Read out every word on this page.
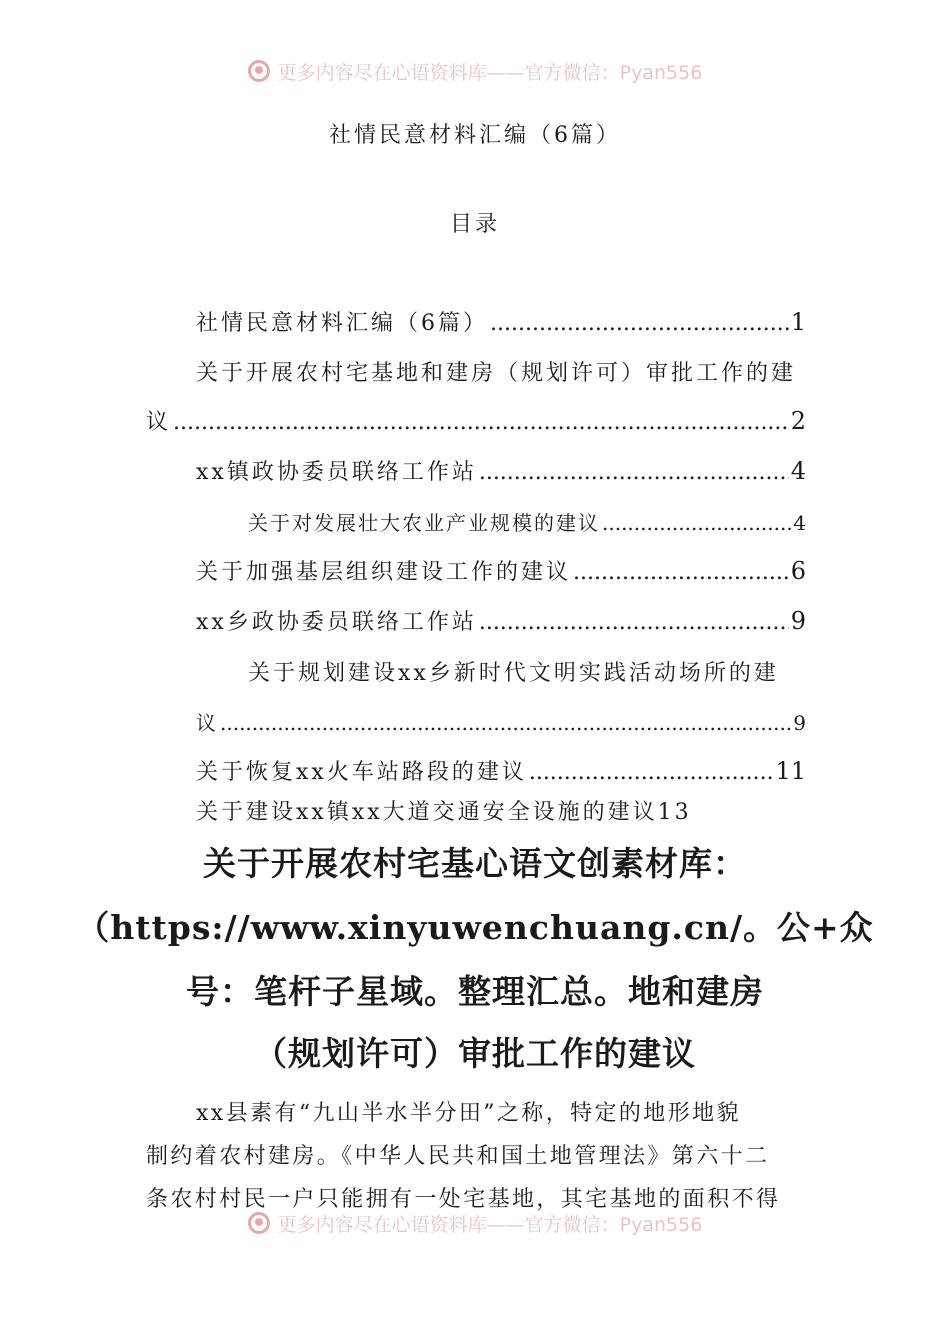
更多内容尽在心语资料库——官方微信：Pyan556
社情民意材料汇编（6篇）
目录
社情民意材料汇编（6篇） .....	1
关于开展农村宅基地和建房（规划许可）审批工作的建
议 .....	2
xx镇政协委员联络工作站 .....	4
关于对发展壮大农业产业规模的建议 .....	4
关于加强基层组织建设工作的建议 .....	6
xx乡政协委员联络工作站 .....	9
关于规划建设xx乡新时代文明实践活动场所的建
议 .....	9
关于恢复xx火车站路段的建议 .....	11
关于建设xx镇xx大道交通安全设施的建议13
关于开展农村宅基心语文创素材库：
（https://www.xinyuwenchuang.cn/。公+众
号：笔杆子星域。整理汇总。地和建房
（规划许可）审批工作的建议
xx县素有“九山半水半分田”之称，特定的地形地貌
制约着农村建房。《中华人民共和国土地管理法》第六十二
条农村村民一户只能拥有一处宅基地，其宅基地的面积不得
更多内容尽在心语资料库——官方微信：Pyan556
